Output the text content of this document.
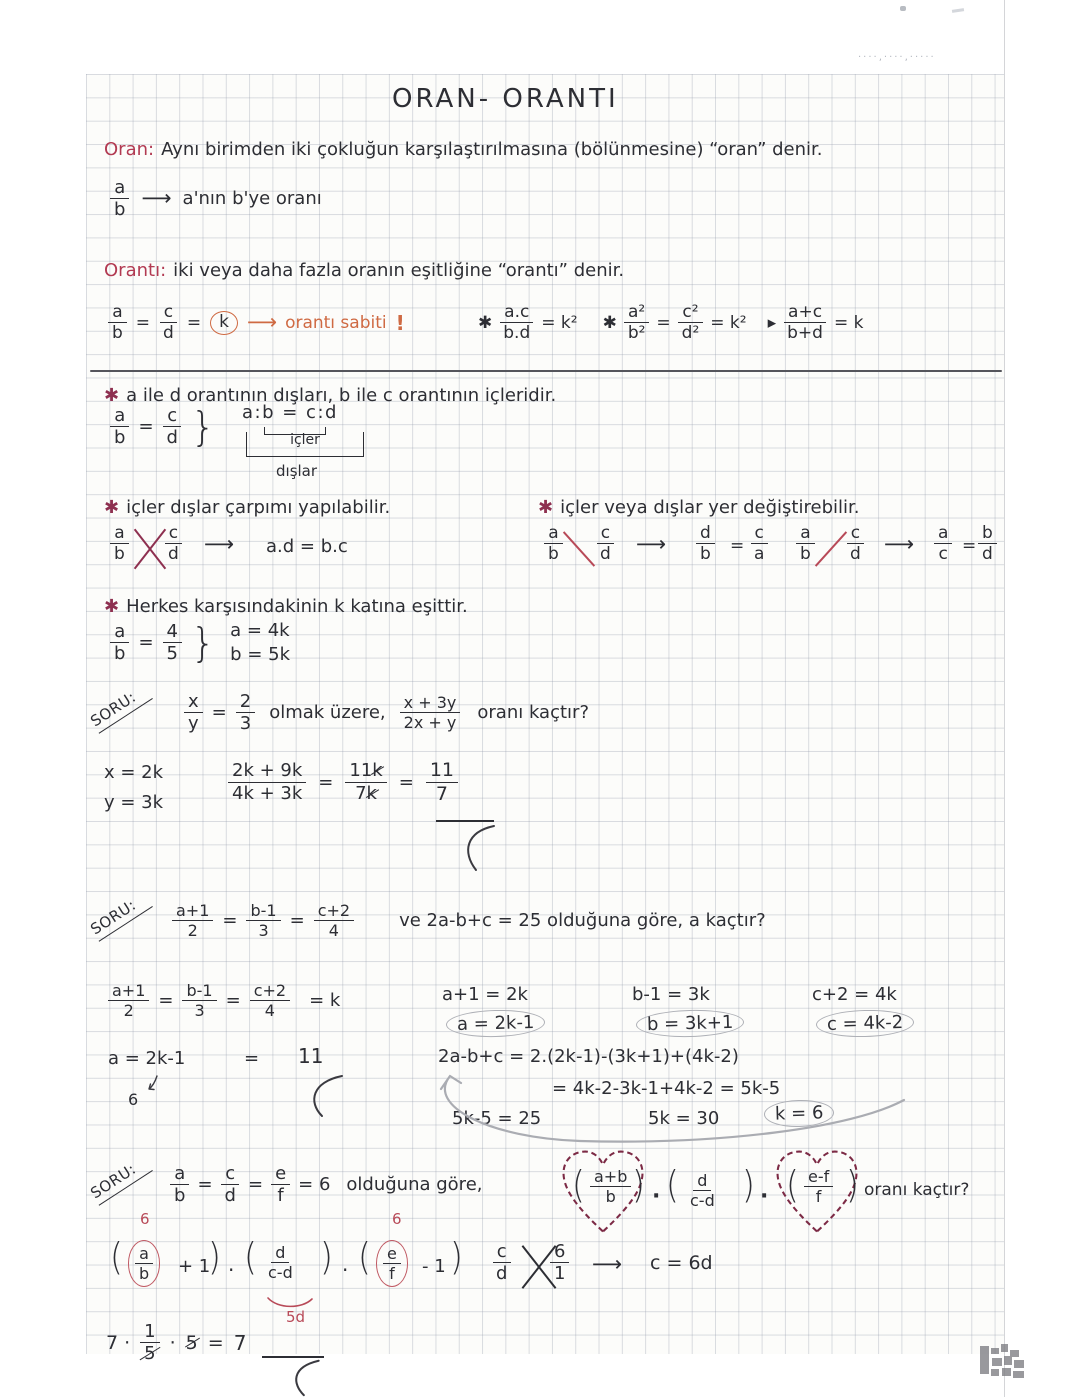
····‚····‚·····
ORAN- ORANTI
Oran: Aynı birimden iki çokluğun karşılaştırılmasına (bölünmesine) “oran” denir.
$\frac{a}{b}$ ⟶ a'nın b'ye oranı
Orantı: iki veya daha fazla oranın eşitliğine “orantı” denir.
$\frac{a}{b} = \frac{c}{d}$ =	k ⟶ orantı sabiti !	✱ $\frac{a.c}{b.d} = k^2$ ✱ $\frac{\text{a²}}{\text{b²}} = \frac{\text{c²}}{\text{d²}} = k^2$ ▸ $\frac{a+c}{b+d} = k$
✱ a ile d orantının dışları, b ile c orantının içleridir.
$\frac{a}{b} = \frac{c}{d}$ } a:b = c:d
içler
dışlar
✱ içler dışlar çarpımı yapılabilir.
$\frac{a}{b} \frac{c}{d}$ ⟶ a.d = b.c
✱ içler veya dışlar yer değiştirebilir.
$\frac{a}{b} \frac{c}{d}$ ⟶ $\frac{d}{b} = \frac{c}{a} \frac{a}{b} \frac{c}{d}$ ⟶ $\frac{a}{c} = \frac{b}{d}$
✱ Herkes karşısındakinin k katına eşittir.
$\frac{a}{b} = \frac{4}{5}$ } a = 4k
b = 5k
SORU:	$\frac{x}{y} = \frac{2}{3}$ olmak üzere, $\frac{x + 3y}{2x + y}$ oranı kaçtır?
x = 2k
y = 3k	$\frac{2k + 9k}{4k + 3k} = \frac{11k}{7k} = \frac{11}{7}$
SORU:	$\frac{a+1}{2} = \frac{b-1}{3} = \frac{c+2}{4}$	ve 2a-b+c = 25 olduğuna göre, a kaçtır?
$\frac{a+1}{2} = \frac{b-1}{3} = \frac{c+2}{4} = k$	a+1 = 2k
a = 2k-1
b-1 = 3k
b = 3k+1
c+2 = 4k
c = 4k-2
a = 2k-1	= 11
6
2a-b+c = 2.(2k-1)-(3k+1)+(4k-2)
= 4k-2-3k-1+4k-2 = 5k-5
5k-5 = 25	5k = 30	k = 6
SORU:	$\frac{a}{b} = \frac{c}{d} = \frac{e}{f} = 6$ olduğuna göre,	( $\frac{a+b}{b}$ ) · ( $\frac{d}{c-d}$ ) · ( $\frac{e-f}{f}$ ) oranı kaçtır?
6	6
( $\frac{a}{b} + 1$
) · ( $\frac{d}{c-d}$ ) · ( $\frac{e}{f} - 1$ )
5d
$\frac{c}{d} \frac{6}{1}$ ⟶ c = 6d
$7 \cdot \frac{1}{5} \cdot 5 = 7$
